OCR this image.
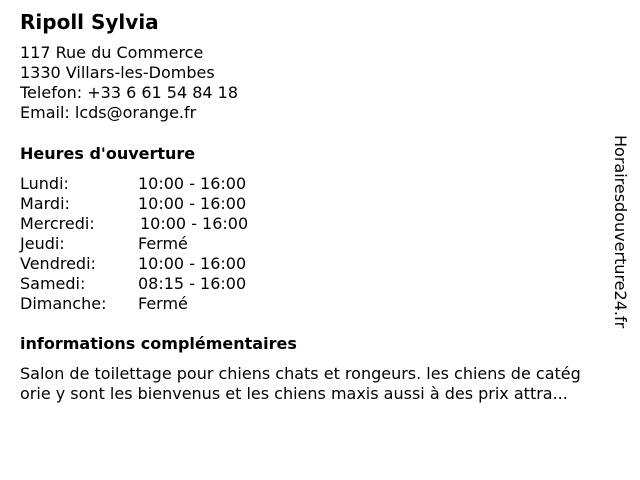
Ripoll Sylvia
117 Rue du Commerce
1330 Villars-les-Dombes
Telefon: +33 6 61 54 84 18
Email: lcds@orange.fr
Heures d'ouverture
Lundi:	10:00 - 16:00
Mardi:	10:00 - 16:00
Mercredi:	10:00 - 16:00
Jeudi:	Fermé
Vendredi:	10:00 - 16:00
Samedi:	08:15 - 16:00
Dimanche:	Fermé
informations complémentaires
Salon de toilettage pour chiens chats et rongeurs. les chiens de catég
orie y sont les bienvenus et les chiens maxis aussi à des prix attra...
Horairesdouverture24.fr
